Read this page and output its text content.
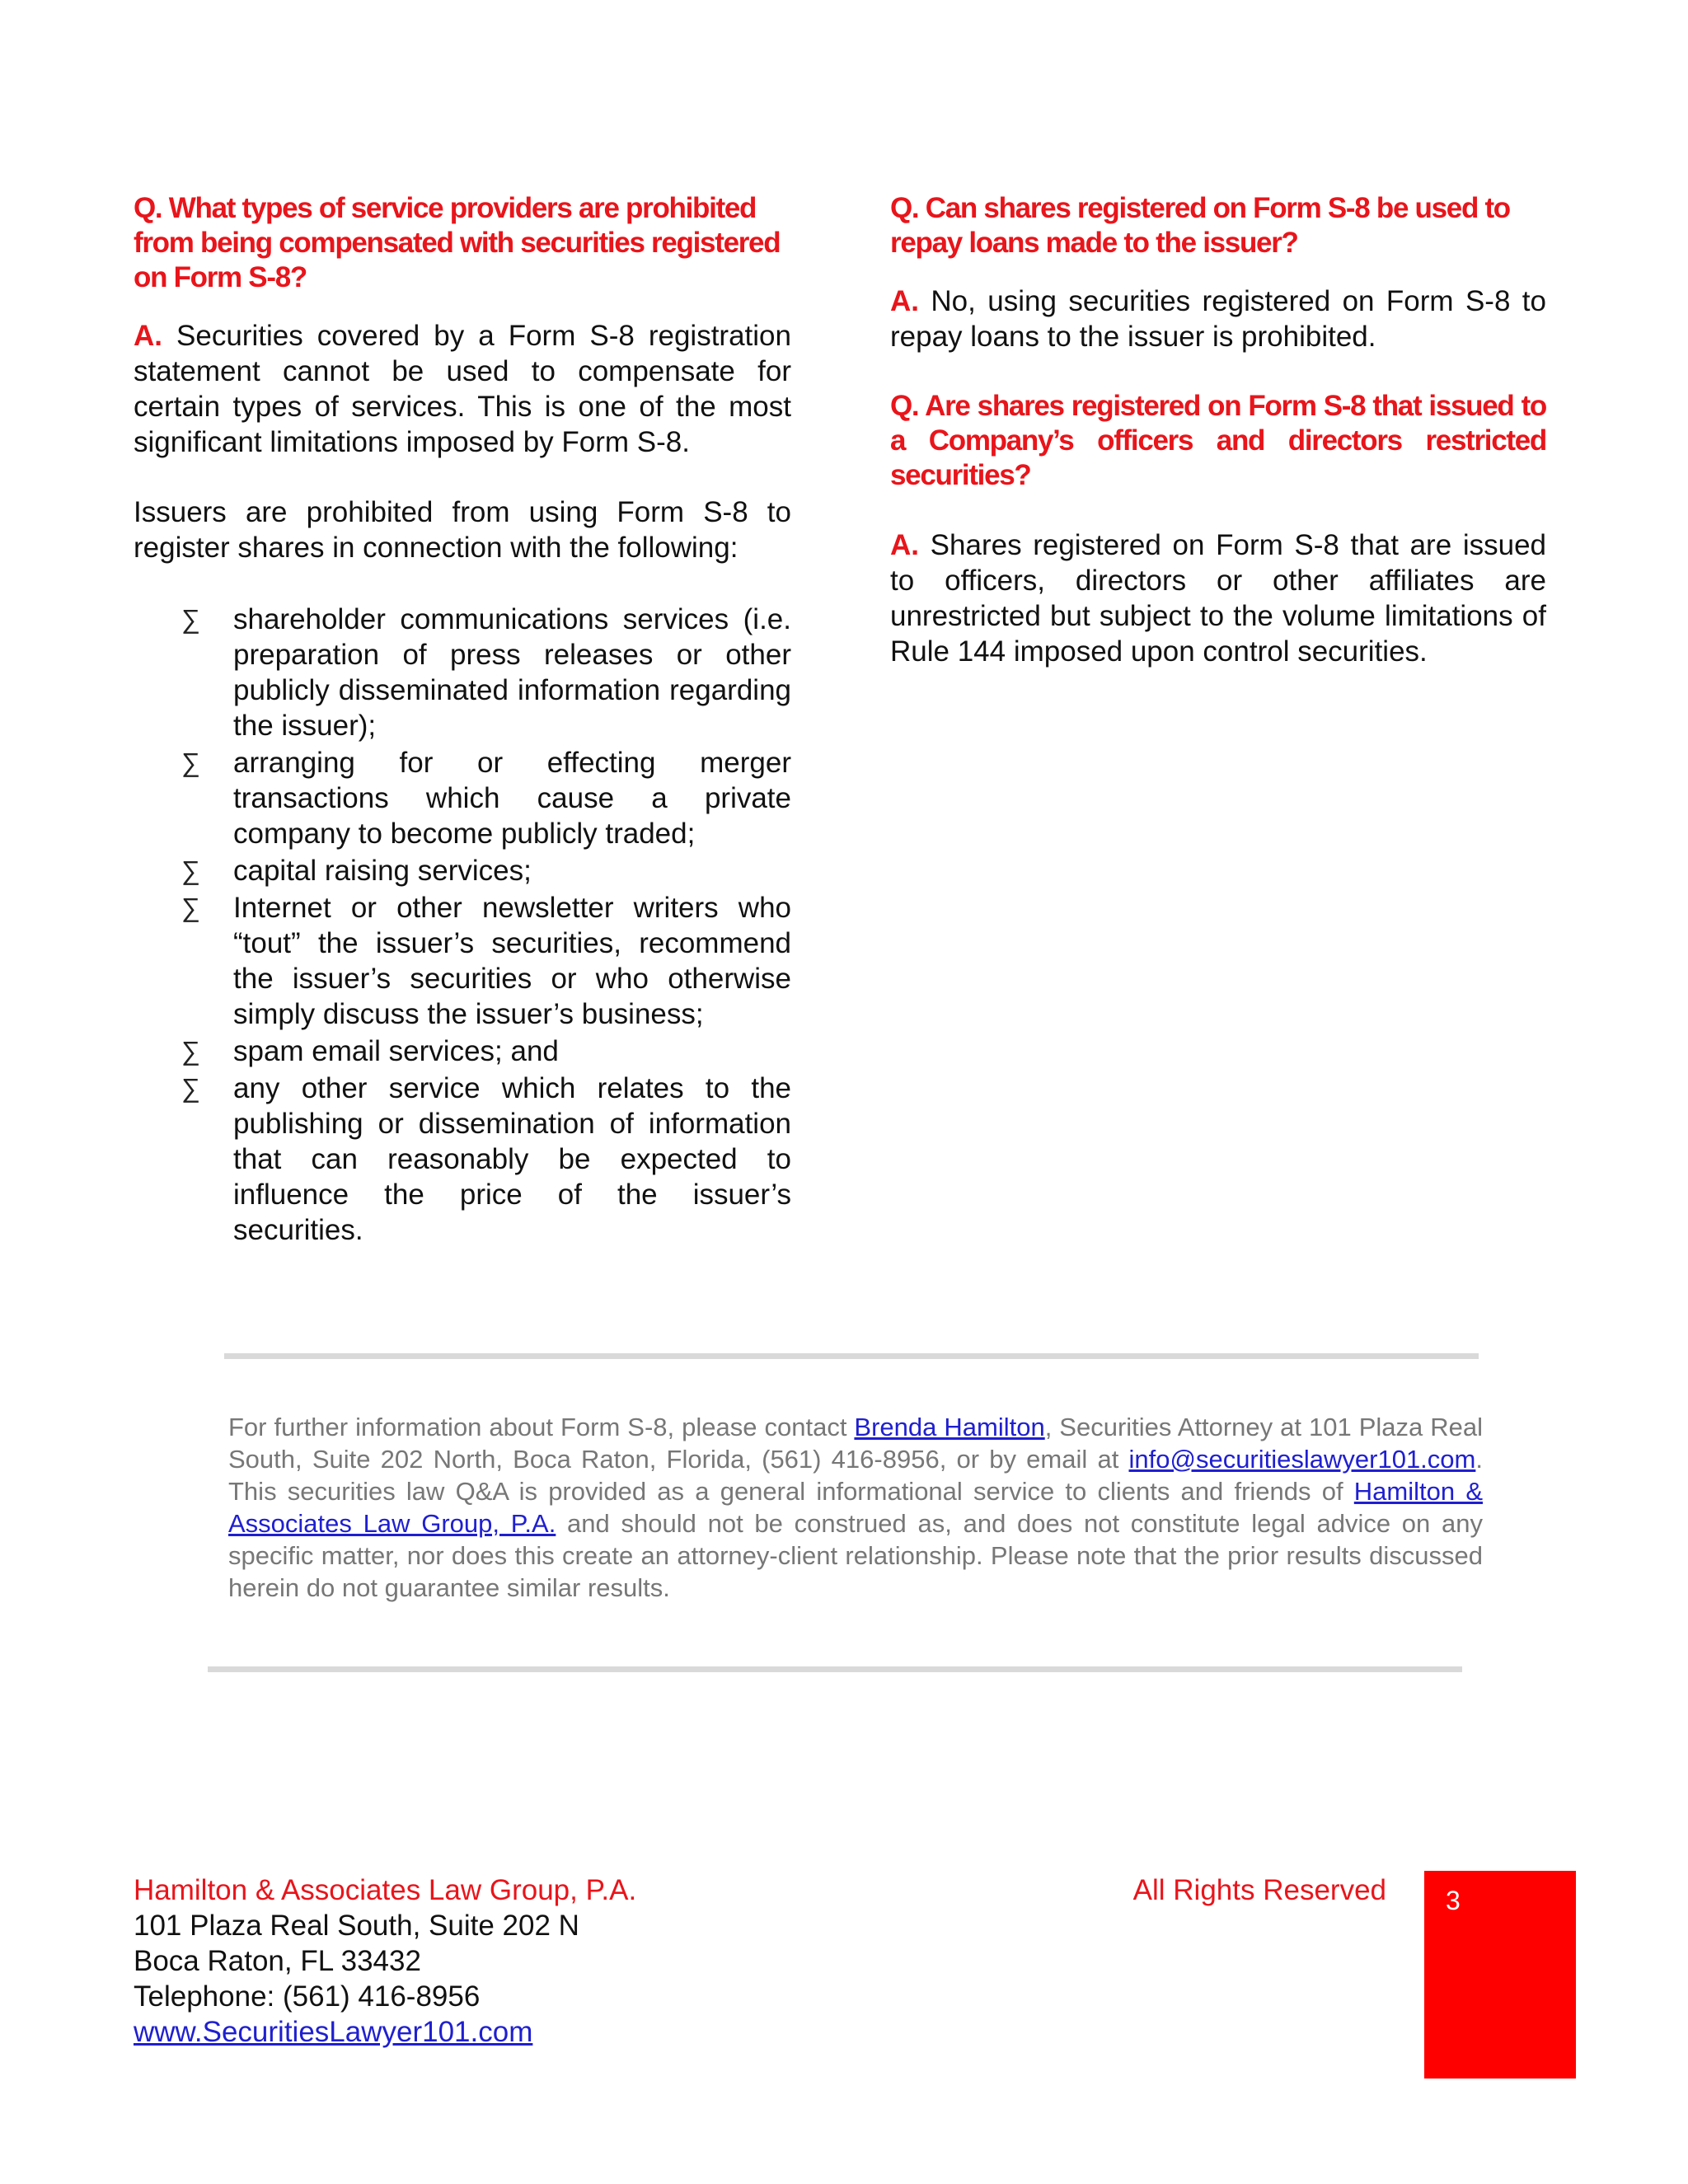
Q. What types of service providers are prohibited from being compensated with securities registered on Form S-8?
A. Securities covered by a Form S-8 registration statement cannot be used to compensate for certain types of services. This is one of the most significant limitations imposed by Form S-8.
Issuers are prohibited from using Form S-8 to register shares in connection with the following:
∑ shareholder communications services (i.e. preparation of press releases or other publicly disseminated information regarding the issuer);
∑ arranging for or effecting merger transactions which cause a private company to become publicly traded;
∑ capital raising services;
∑ Internet or other newsletter writers who “tout” the issuer’s securities, recommend the issuer’s securities or who otherwise simply discuss the issuer’s business;
∑ spam email services; and
∑ any other service which relates to the publishing or dissemination of information that can reasonably be expected to influence the price of the issuer’s securities.
Q. Can shares registered on Form S-8 be used to repay loans made to the issuer?
A. No, using securities registered on Form S-8 to repay loans to the issuer is prohibited.
Q. Are shares registered on Form S-8 that issued to a Company’s officers and directors restricted securities?
A. Shares registered on Form S-8 that are issued to officers, directors or other affiliates are unrestricted but subject to the volume limitations of Rule 144 imposed upon control securities.
For further information about Form S-8, please contact Brenda Hamilton, Securities Attorney at 101 Plaza Real South, Suite 202 North, Boca Raton, Florida, (561) 416-8956, or by email at info@securitieslawyer101.com. This securities law Q&A is provided as a general informational service to clients and friends of Hamilton & Associates Law Group, P.A. and should not be construed as, and does not constitute legal advice on any specific matter, nor does this create an attorney-client relationship. Please note that the prior results discussed herein do not guarantee similar results.
Hamilton & Associates Law Group, P.A.
101 Plaza Real South, Suite 202 N
Boca Raton, FL 33432
Telephone: (561) 416-8956
www.SecuritiesLawyer101.com
All Rights Reserved 3
